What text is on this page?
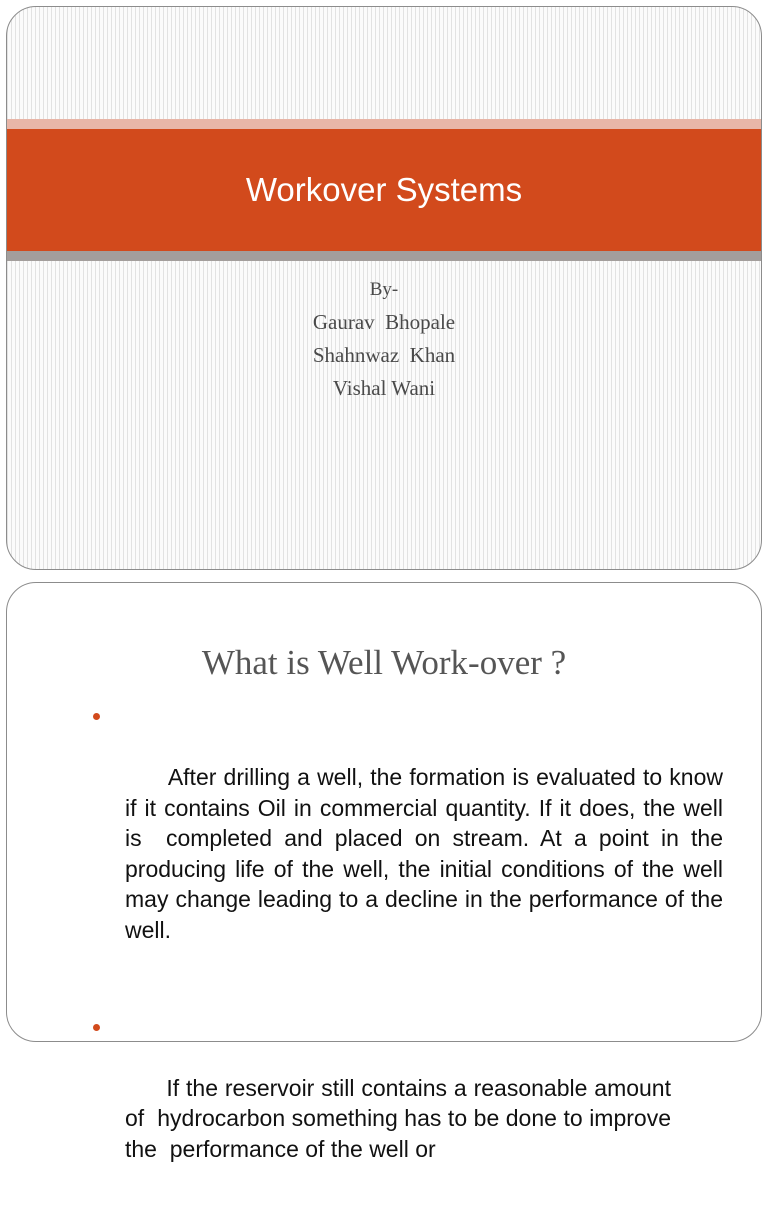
Workover Systems
By-
Gaurav  Bhopale
Shahnwaz  Khan
Vishal Wani
What is Well Work-over ?

After drilling a well, the formation is evaluated to know if it contains Oil in commercial quantity. If it does, the well is  completed and placed on stream. At a point in the  producing life of the well, the initial conditions of the well  may change leading to a decline in the performance of the  well.

If the reservoir still contains a reasonable amount of  hydrocarbon something has to be done to improve the  performance of the well or
